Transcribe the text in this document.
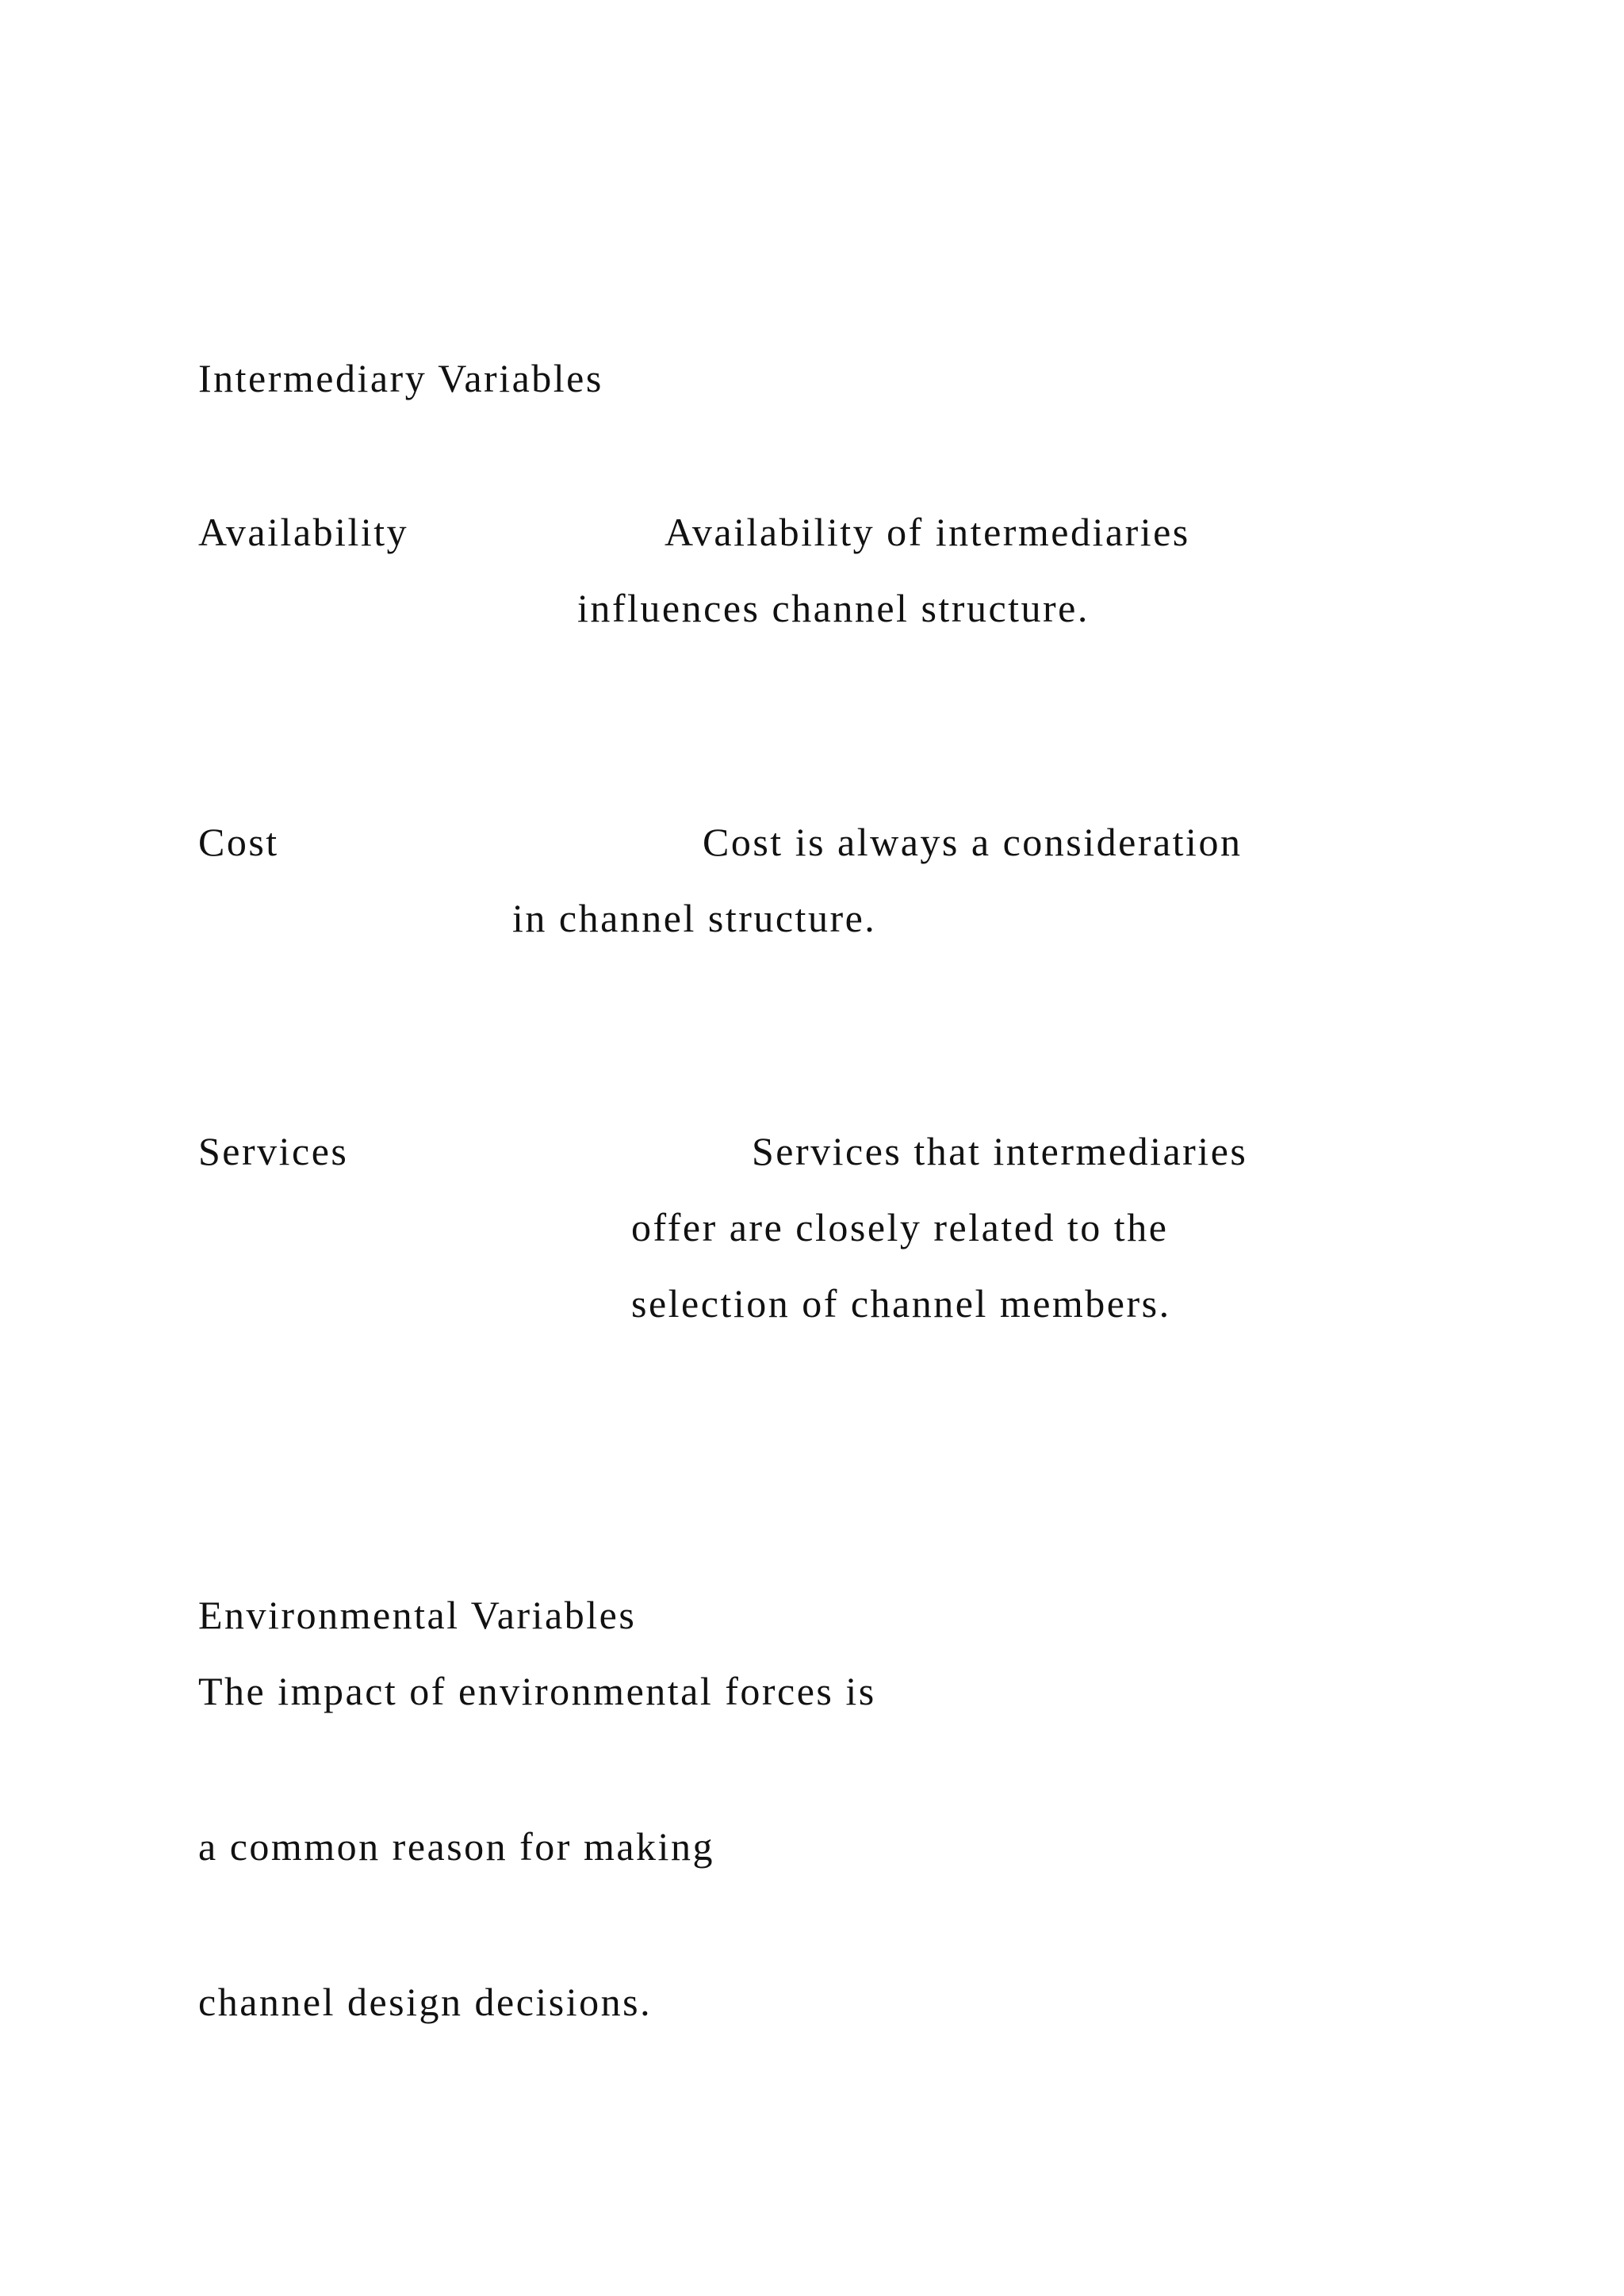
Intermediary Variables
Availability	Availability of intermediaries
influences channel structure.
Cost	Cost is always a consideration
in channel structure.
Services	Services that intermediaries
offer are closely related to the
selection of channel members.
Environmental Variables
The impact of environmental forces is
a common reason for making
channel design decisions.
